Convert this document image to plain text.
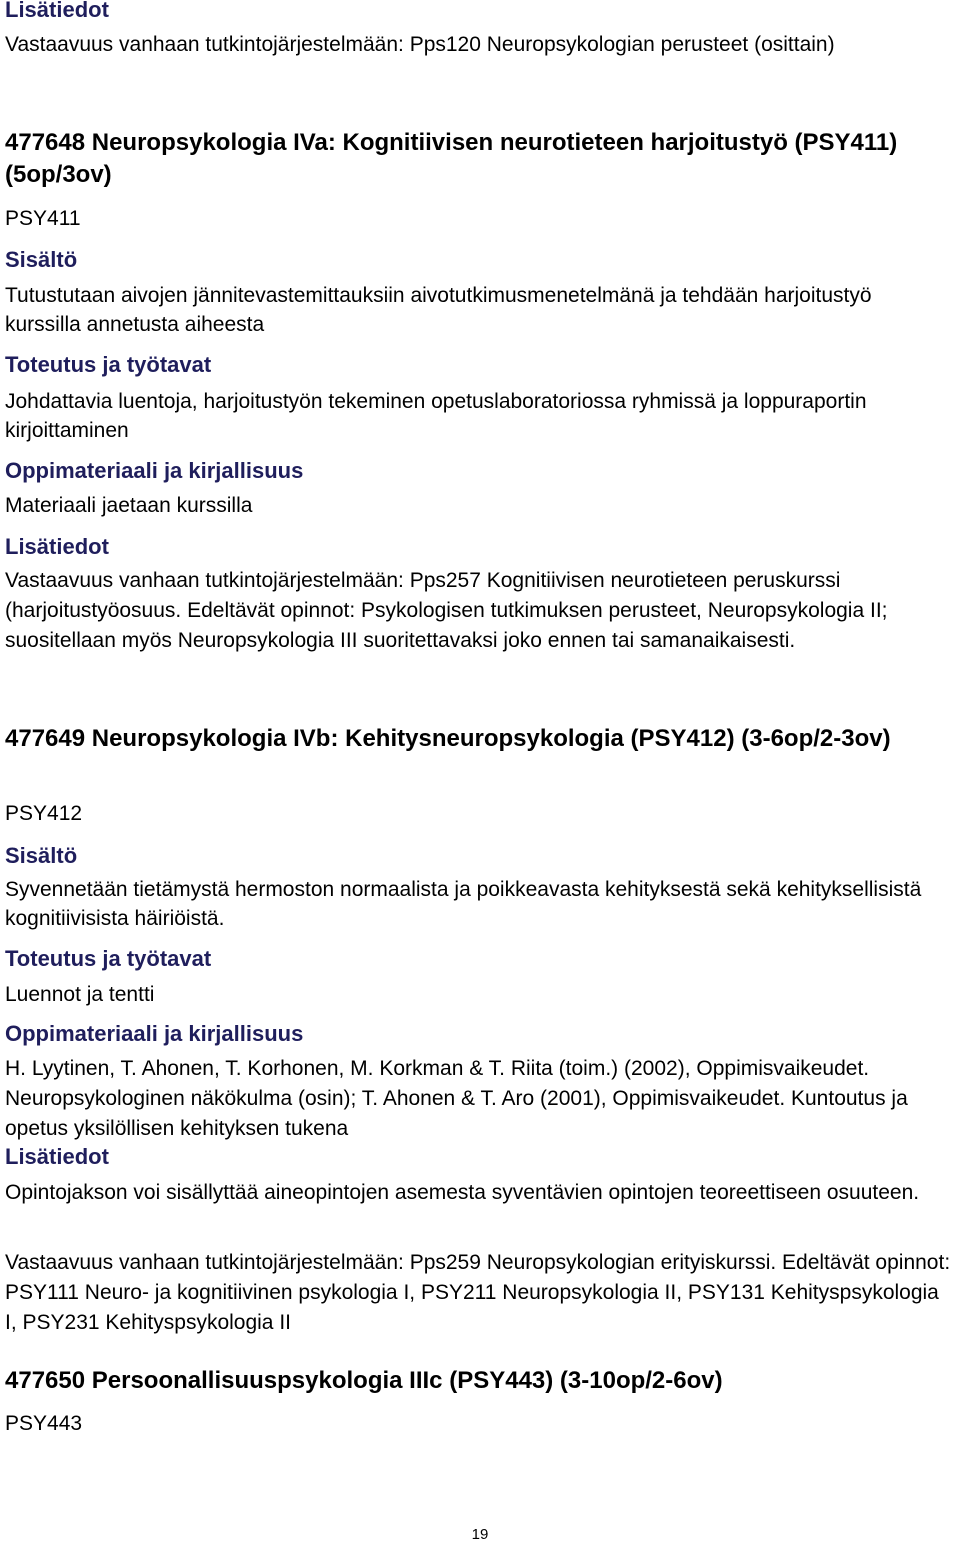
Lisätiedot

Vastaavuus vanhaan tutkintojärjestelmään: Pps120 Neuropsykologian perusteet (osittain)

477648 Neuropsykologia IVa: Kognitiivisen neurotieteen harjoitustyö (PSY411) (5op/3ov)

PSY411

Sisältö

Tutustutaan aivojen jännitevastemittauksiin aivotutkimusmenetelmänä ja tehdään harjoitustyö kurssilla annetusta aiheesta

Toteutus ja työtavat

Johdattavia luentoja, harjoitustyön tekeminen opetuslaboratoriossa ryhmissä ja loppuraportin kirjoittaminen

Oppimateriaali ja kirjallisuus

Materiaali jaetaan kurssilla

Lisätiedot

Vastaavuus vanhaan tutkintojärjestelmään: Pps257 Kognitiivisen neurotieteen peruskurssi (harjoitustyöosuus. Edeltävät opinnot: Psykologisen tutkimuksen perusteet, Neuropsykologia II; suositellaan myös Neuropsykologia III suoritettavaksi joko ennen tai samanaikaisesti.

477649 Neuropsykologia IVb: Kehitysneuropsykologia (PSY412) (3-6op/2-3ov)

PSY412

Sisältö

Syvennetään tietämystä hermoston normaalista ja poikkeavasta kehityksestä sekä kehityksellisistä kognitiivisista häiriöistä.

Toteutus ja työtavat

Luennot ja tentti

Oppimateriaali ja kirjallisuus

H. Lyytinen, T. Ahonen, T. Korhonen, M. Korkman & T. Riita (toim.) (2002), Oppimisvaikeudet. Neuropsykologinen näkökulma (osin); T. Ahonen & T. Aro (2001), Oppimisvaikeudet. Kuntoutus ja opetus yksilöllisen kehityksen tukena

Lisätiedot

Opintojakson voi sisällyttää aineopintojen asemesta syventävien opintojen teoreettiseen osuuteen.

Vastaavuus vanhaan tutkintojärjestelmään: Pps259 Neuropsykologian erityiskurssi. Edeltävät opinnot: PSY111 Neuro- ja kognitiivinen psykologia I, PSY211 Neuropsykologia II, PSY131 Kehityspsykologia I, PSY231 Kehityspsykologia II

477650 Persoonallisuuspsykologia IIIc (PSY443) (3-10op/2-6ov)

PSY443

19
